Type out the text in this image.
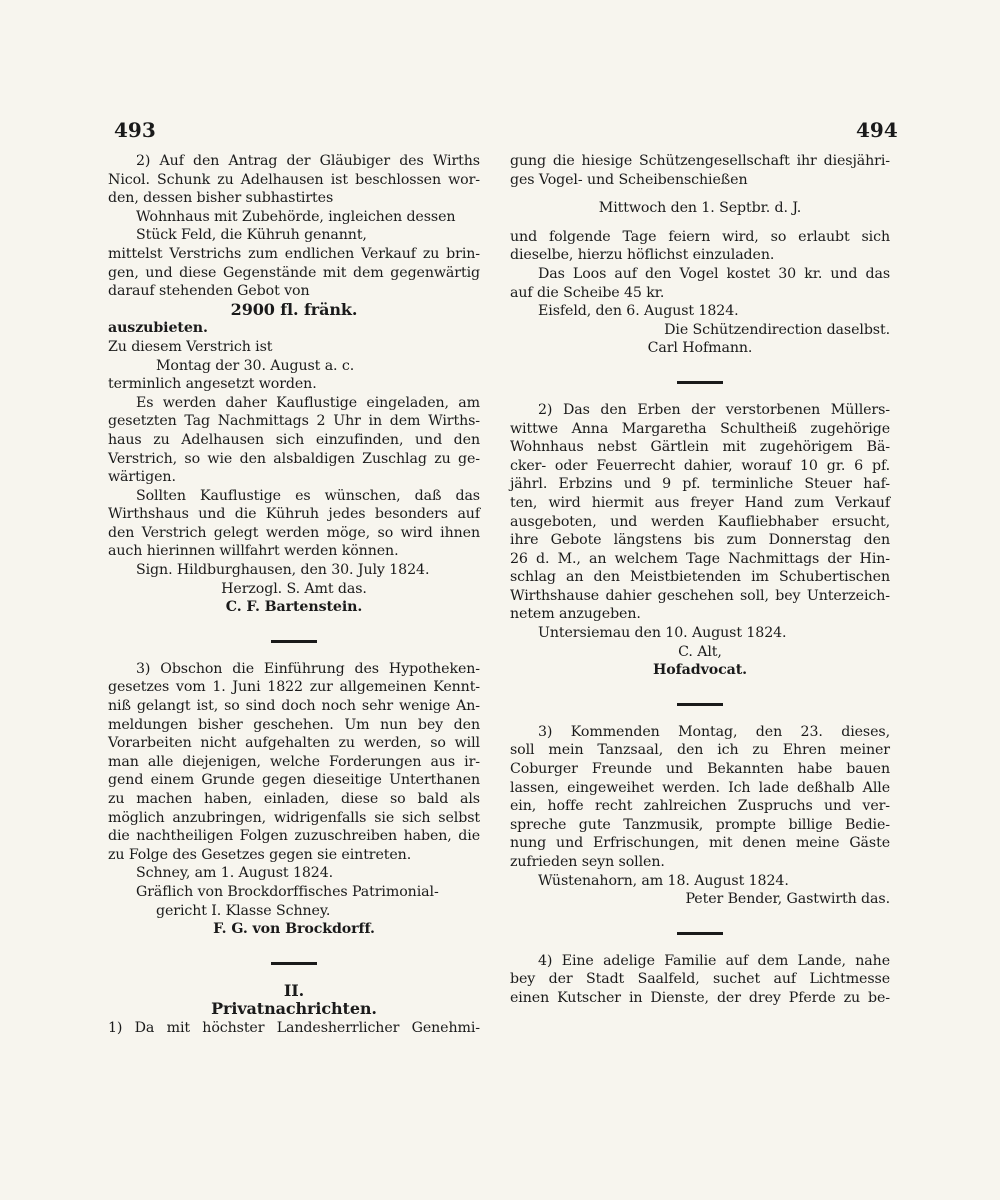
493
2) Auf den Antrag der Gläubiger des Wirths
Nicol. Schunk zu Adelhausen ist beschlossen wor-
den, dessen bisher subhastirtes
Wohnhaus mit Zubehörde, ingleichen dessen
Stück Feld, die Kühruh genannt,
mittelst Verstrichs zum endlichen Verkauf zu brin-
gen, und diese Gegenstände mit dem gegenwärtig
darauf stehenden Gebot von
2900 fl. fränk.
auszubieten.
Zu diesem Verstrich ist
Montag der 30. August a. c.
terminlich angesetzt worden.
Es werden daher Kauflustige eingeladen, am
gesetzten Tag Nachmittags 2 Uhr in dem Wirths-
haus zu Adelhausen sich einzufinden, und den
Verstrich, so wie den alsbaldigen Zuschlag zu ge-
wärtigen.
Sollten Kauflustige es wünschen, daß das
Wirthshaus und die Kühruh jedes besonders auf
den Verstrich gelegt werden möge, so wird ihnen
auch hierinnen willfahrt werden können.
Sign. Hildburghausen, den 30. July 1824.
Herzogl. S. Amt das.
C. F. Bartenstein.
3) Obschon die Einführung des Hypotheken-
gesetzes vom 1. Juni 1822 zur allgemeinen Kennt-
niß gelangt ist, so sind doch noch sehr wenige An-
meldungen bisher geschehen. Um nun bey den
Vorarbeiten nicht aufgehalten zu werden, so will
man alle diejenigen, welche Forderungen aus ir-
gend einem Grunde gegen dieseitige Unterthanen
zu machen haben, einladen, diese so bald als
möglich anzubringen, widrigenfalls sie sich selbst
die nachtheiligen Folgen zuzuschreiben haben, die
zu Folge des Gesetzes gegen sie eintreten.
Schney, am 1. August 1824.
Gräflich von Brockdorffisches Patrimonial-
gericht I. Klasse Schney.
F. G. von Brockdorff.
II.
Privatnachrichten.
1) Da mit höchster Landesherrlicher Genehmi-
494
gung die hiesige Schützengesellschaft ihr diesjähri-
ges Vogel- und Scheibenschießen
Mittwoch den 1. Septbr. d. J.
und folgende Tage feiern wird, so erlaubt sich
dieselbe, hierzu höflichst einzuladen.
Das Loos auf den Vogel kostet 30 kr. und das
auf die Scheibe 45 kr.
Eisfeld, den 6. August 1824.
Die Schützendirection daselbst.
Carl Hofmann.
2) Das den Erben der verstorbenen Müllers-
wittwe Anna Margaretha Schultheiß zugehörige
Wohnhaus nebst Gärtlein mit zugehörigem Bä-
cker- oder Feuerrecht dahier, worauf 10 gr. 6 pf.
jährl. Erbzins und 9 pf. terminliche Steuer haf-
ten, wird hiermit aus freyer Hand zum Verkauf
ausgeboten, und werden Kaufliebhaber ersucht,
ihre Gebote längstens bis zum Donnerstag den
26 d. M., an welchem Tage Nachmittags der Hin-
schlag an den Meistbietenden im Schubertischen
Wirthshause dahier geschehen soll, bey Unterzeich-
netem anzugeben.
Untersiemau den 10. August 1824.
C. Alt,
Hofadvocat.
3) Kommenden Montag, den 23. dieses,
soll mein Tanzsaal, den ich zu Ehren meiner
Coburger Freunde und Bekannten habe bauen
lassen, eingeweihet werden. Ich lade deßhalb Alle
ein, hoffe recht zahlreichen Zuspruchs und ver-
spreche gute Tanzmusik, prompte billige Bedie-
nung und Erfrischungen, mit denen meine Gäste
zufrieden seyn sollen.
Wüstenahorn, am 18. August 1824.
Peter Bender, Gastwirth das.
4) Eine adelige Familie auf dem Lande, nahe
bey der Stadt Saalfeld, suchet auf Lichtmesse
einen Kutscher in Dienste, der drey Pferde zu be-
